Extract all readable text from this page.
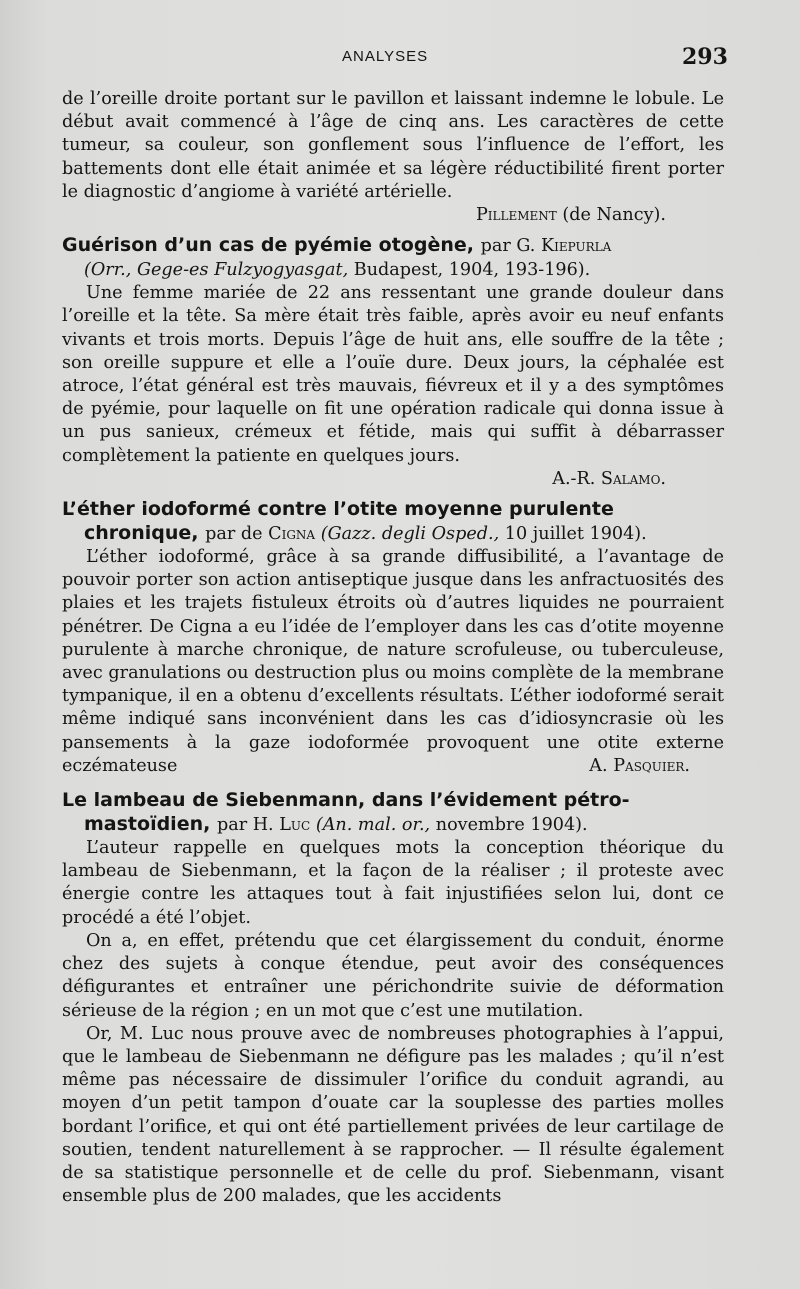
ANALYSES	293

de l’oreille droite portant sur le pavillon et laissant indemne le lobule. Le début avait commencé à l’âge de cinq ans. Les caractères de cette tumeur, sa couleur, son gonflement sous l’influence de l’effort, les battements dont elle était animée et sa légère réductibilité firent porter le diagnostic d’angiome à variété artérielle.

Pillement (de Nancy).

Guérison d’un cas de pyémie otogène, par G. Kiepurla
(Orr., Gege-es Fulzyogyasgat, Budapest, 1904, 193-196).

Une femme mariée de 22 ans ressentant une grande douleur dans l’oreille et la tête. Sa mère était très faible, après avoir eu neuf enfants vivants et trois morts. Depuis l’âge de huit ans, elle souffre de la tête ; son oreille suppure et elle a l’ouïe dure. Deux jours, la céphalée est atroce, l’état général est très mauvais, fiévreux et il y a des symptômes de pyémie, pour laquelle on fit une opération radicale qui donna issue à un pus sanieux, crémeux et fétide, mais qui suffit à débarrasser complètement la patiente en quelques jours.

A.-R. Salamo.

L’éther iodoformé contre l’otite moyenne purulente
chronique, par de Cigna (Gazz. degli Osped., 10 juillet 1904).

L’éther iodoformé, grâce à sa grande diffusibilité, a l’avantage de pouvoir porter son action antiseptique jusque dans les anfractuosités des plaies et les trajets fistuleux étroits où d’autres liquides ne pourraient pénétrer. De Cigna a eu l’idée de l’employer dans les cas d’otite moyenne purulente à marche chronique, de nature scrofuleuse, ou tuberculeuse, avec granulations ou destruction plus ou moins complète de la membrane tympanique, il en a obtenu d’excellents résultats. L’éther iodoformé serait même indiqué sans inconvénient dans les cas d’idiosyncrasie où les pansements à la gaze iodoformée provoquent une otite externe eczémateuse	A. Pasquier.

Le lambeau de Siebenmann, dans l’évidement pétro-
mastoïdien, par H. Luc (An. mal. or., novembre 1904).

L’auteur rappelle en quelques mots la conception théorique du lambeau de Siebenmann, et la façon de la réaliser ; il proteste avec énergie contre les attaques tout à fait injustifiées selon lui, dont ce procédé a été l’objet.

On a, en effet, prétendu que cet élargissement du conduit, énorme chez des sujets à conque étendue, peut avoir des conséquences défigurantes et entraîner une périchondrite suivie de déformation sérieuse de la région ; en un mot que c’est une mutilation.

Or, M. Luc nous prouve avec de nombreuses photographies à l’appui, que le lambeau de Siebenmann ne défigure pas les malades ; qu’il n’est même pas nécessaire de dissimuler l’orifice du conduit agrandi, au moyen d’un petit tampon d’ouate car la souplesse des parties molles bordant l’orifice, et qui ont été partiellement privées de leur cartilage de soutien, tendent naturellement à se rapprocher. — Il résulte également de sa statistique personnelle et de celle du prof. Siebenmann, visant ensemble plus de 200 malades, que les accidents
